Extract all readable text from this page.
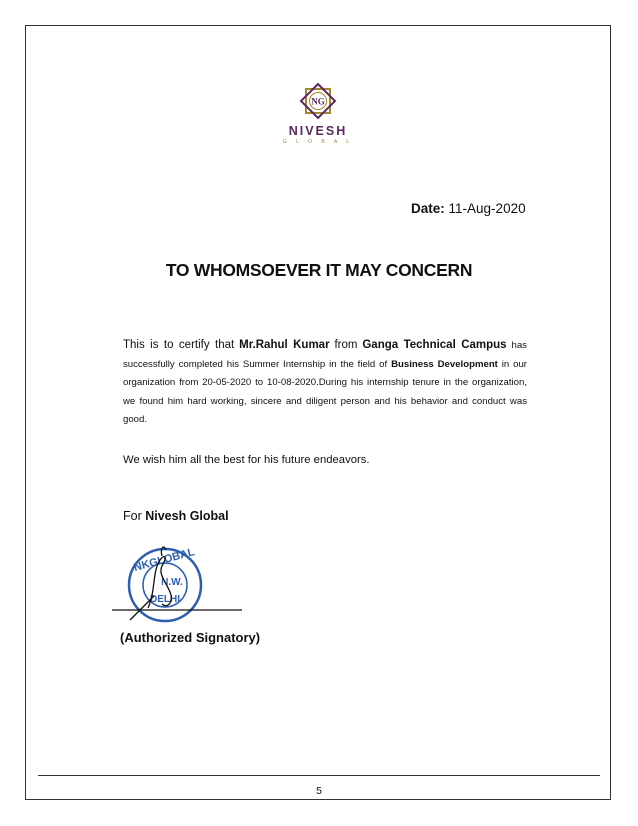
NG
NIVESH
G L O B A L
Date: 11-Aug-2020
TO WHOMSOEVER IT MAY CONCERN
This is to certify that Mr.Rahul Kumar from Ganga Technical Campus has successfully completed his Summer Internship in the field of Business Development in our organization from 20-05-2020 to 10-08-2020.During his internship tenure in the organization, we found him hard working, sincere and diligent person and his behavior and conduct was good.
We wish him all the best for his future endeavors.
For Nivesh Global
NKGLOBAL
N.W.
DELHI
(Authorized Signatory)
5
